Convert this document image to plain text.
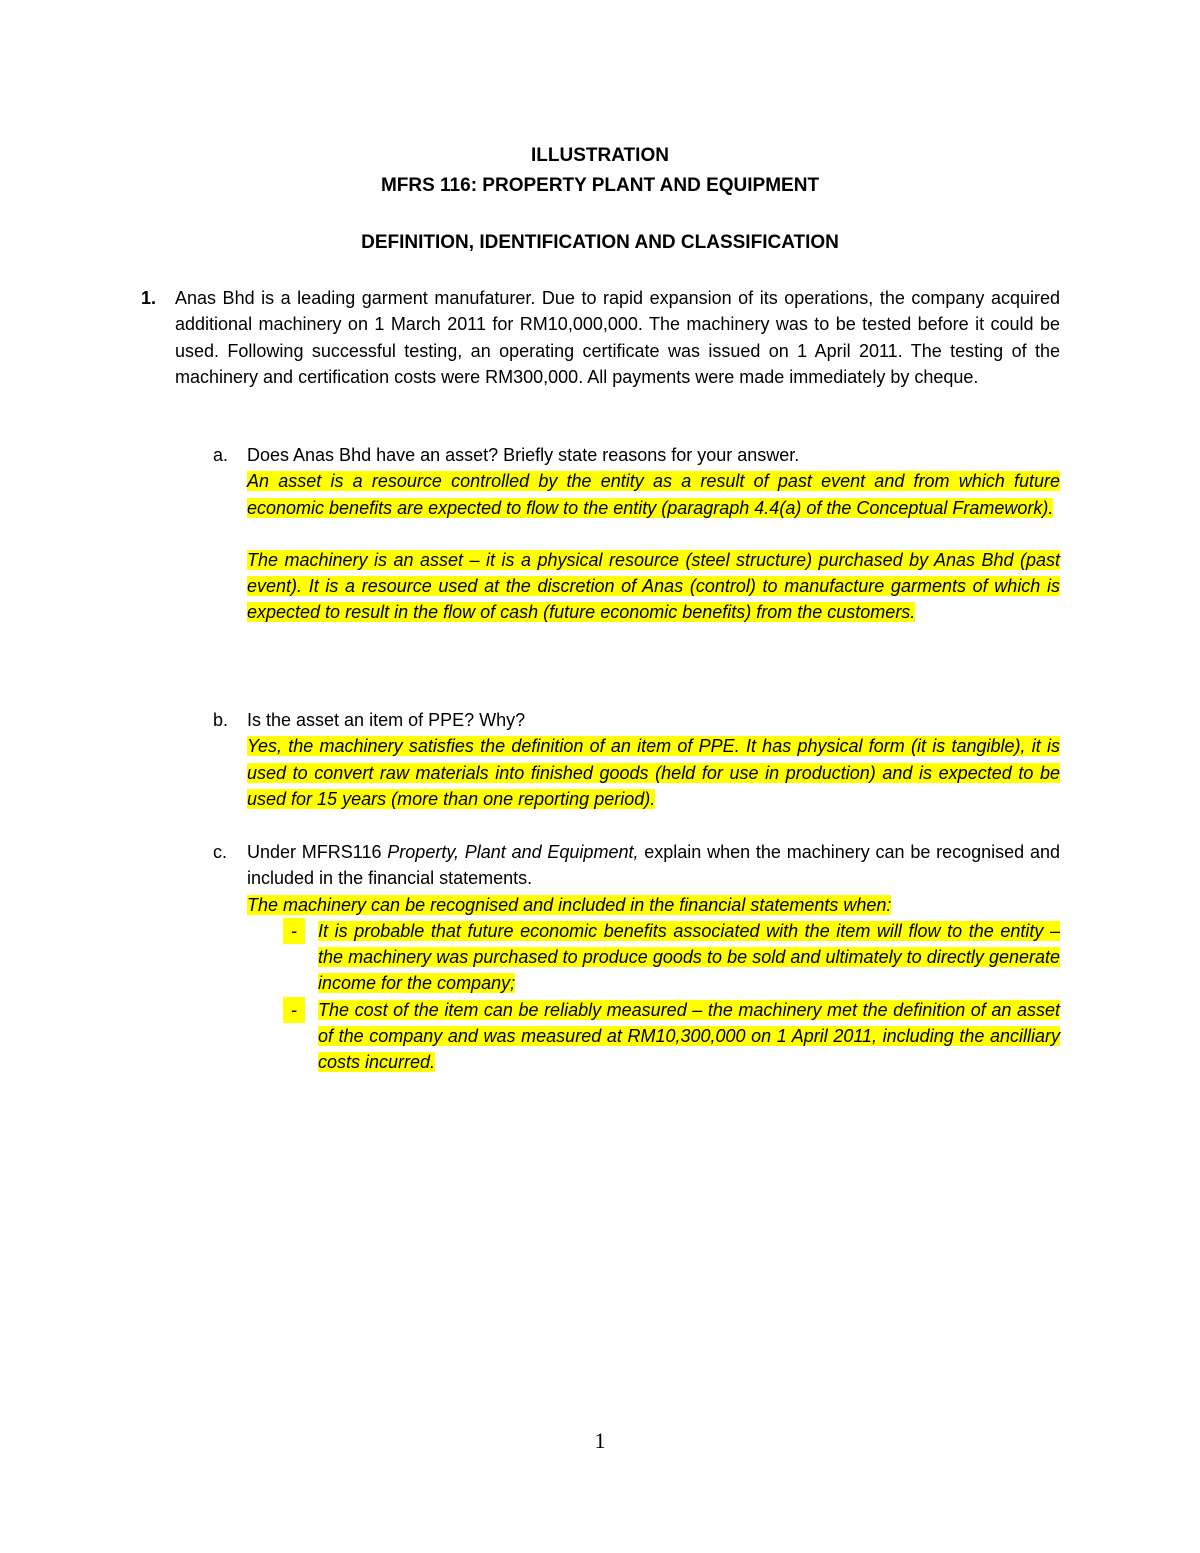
ILLUSTRATION
MFRS 116: PROPERTY PLANT AND EQUIPMENT
DEFINITION, IDENTIFICATION AND CLASSIFICATION
1. Anas Bhd is a leading garment manufaturer. Due to rapid expansion of its operations, the company acquired additional machinery on 1 March 2011 for RM10,000,000. The machinery was to be tested before it could be used. Following successful testing, an operating certificate was issued on 1 April 2011. The testing of the machinery and certification costs were RM300,000. All payments were made immediately by cheque.
a. Does Anas Bhd have an asset? Briefly state reasons for your answer.
An asset is a resource controlled by the entity as a result of past event and from which future economic benefits are expected to flow to the entity (paragraph 4.4(a) of the Conceptual Framework).
The machinery is an asset – it is a physical resource (steel structure) purchased by Anas Bhd (past event). It is a resource used at the discretion of Anas (control) to manufacture garments of which is expected to result in the flow of cash (future economic benefits) from the customers.
b. Is the asset an item of PPE? Why?
Yes, the machinery satisfies the definition of an item of PPE. It has physical form (it is tangible), it is used to convert raw materials into finished goods (held for use in production) and is expected to be used for 15 years (more than one reporting period).
c. Under MFRS116 Property, Plant and Equipment, explain when the machinery can be recognised and included in the financial statements.
The machinery can be recognised and included in the financial statements when:
-	It is probable that future economic benefits associated with the item will flow to the entity – the machinery was purchased to produce goods to be sold and ultimately to directly generate income for the company;
-	The cost of the item can be reliably measured – the machinery met the definition of an asset of the company and was measured at RM10,300,000 on 1 April 2011, including the ancilliary costs incurred.
1
